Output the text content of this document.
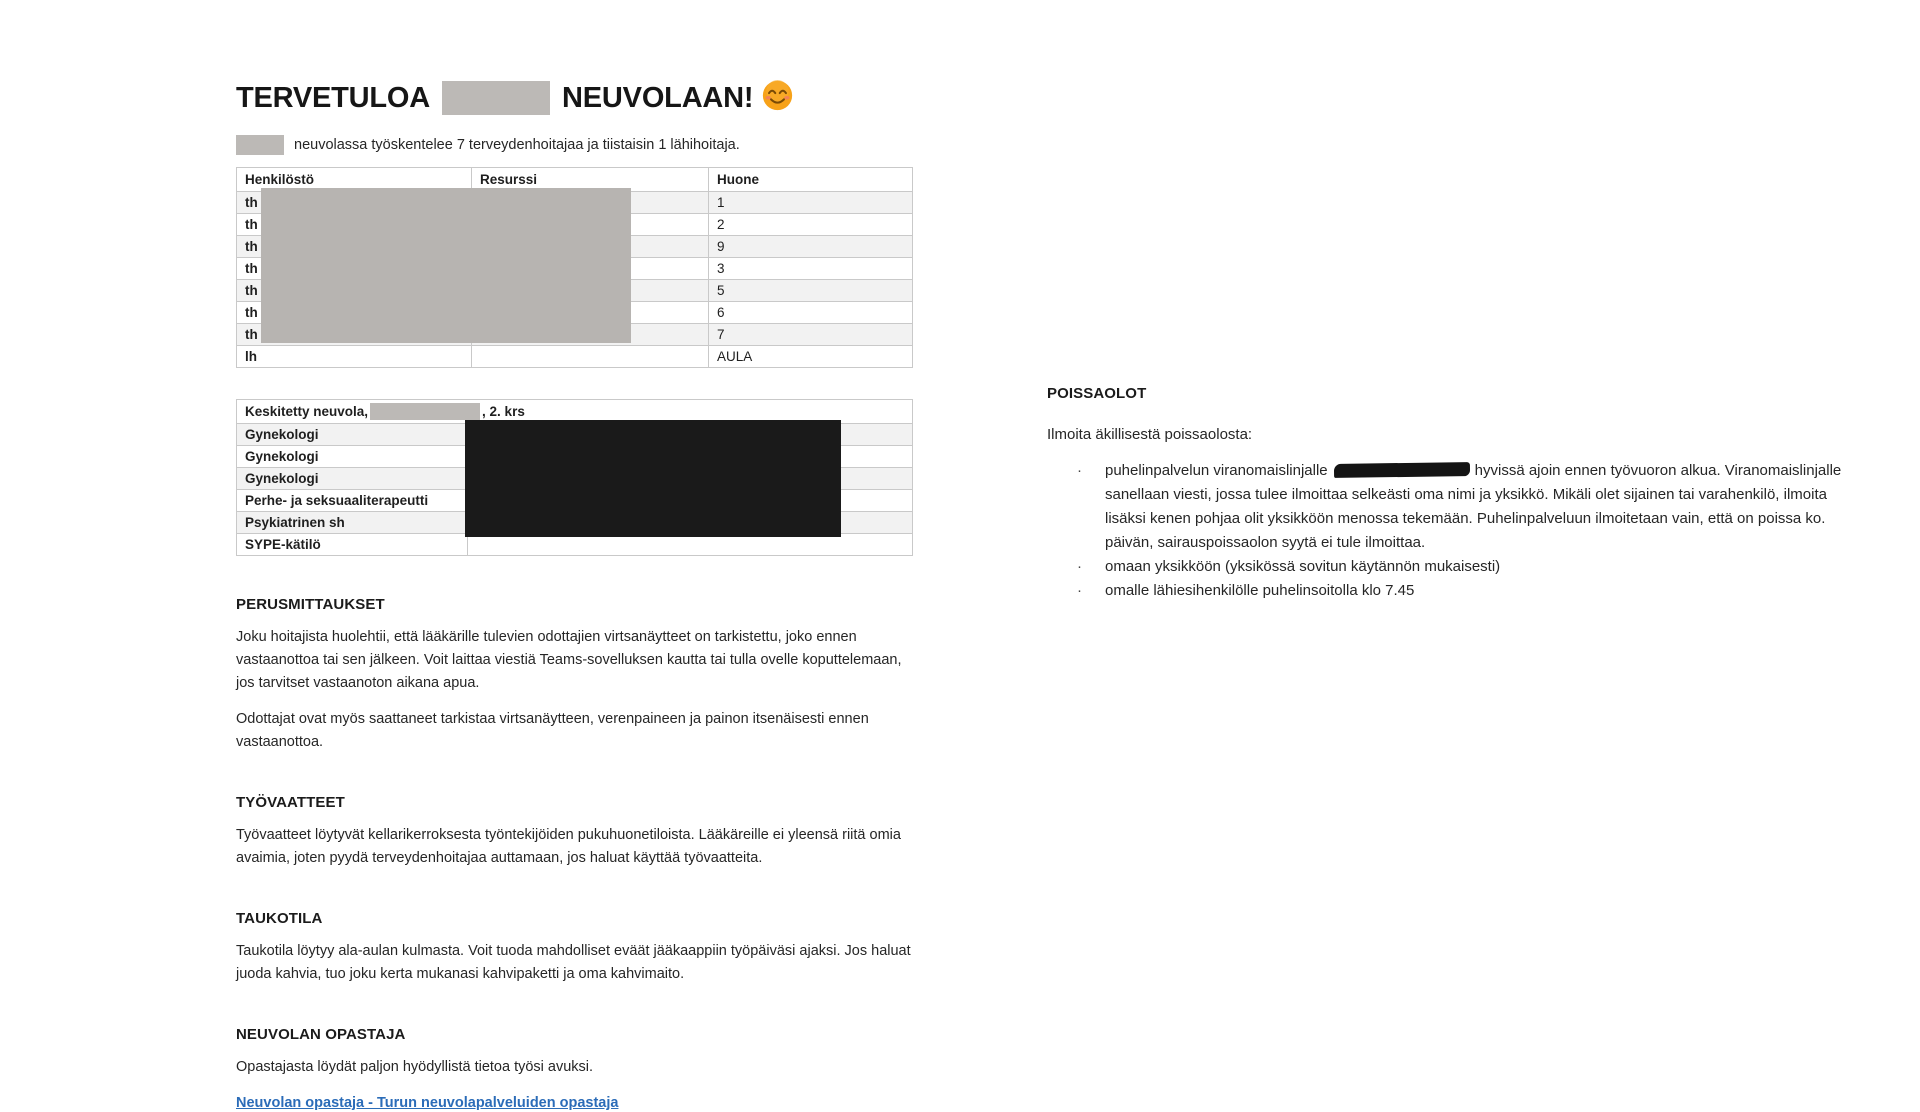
TERVETULOA	NEUVOLAAN!
neuvolassa työskentelee 7 terveydenhoitajaa ja tiistaisin 1 lähihoitaja.
Henkilöstö	Resurssi	Huone
th		1
th		2
th		9
th		3
th		5
th		6
th		7
lh		AULA
Keskitetty neuvola, , 2. krs	
Gynekologi	
Gynekologi	
Gynekologi	
Perhe- ja seksuaaliterapeutti	
Psykiatrinen sh	
SYPE-kätilö	
PERUSMITTAUKSET

Joku hoitajista huolehtii, että lääkärille tulevien odottajien virtsanäytteet on tarkistettu, joko ennen vastaanottoa tai sen jälkeen. Voit laittaa viestiä Teams-sovelluksen kautta tai tulla ovelle koputtelemaan, jos tarvitset vastaanoton aikana apua.

Odottajat ovat myös saattaneet tarkistaa virtsanäytteen, verenpaineen ja painon itsenäisesti ennen vastaanottoa.

TYÖVAATTEET

Työvaatteet löytyvät kellarikerroksesta työntekijöiden pukuhuonetiloista. Lääkäreille ei yleensä riitä omia avaimia, joten pyydä terveydenhoitajaa auttamaan, jos haluat käyttää työvaatteita.

TAUKOTILA

Taukotila löytyy ala-aulan kulmasta. Voit tuoda mahdolliset eväät jääkaappiin työpäiväsi ajaksi. Jos haluat juoda kahvia, tuo joku kerta mukanasi kahvipaketti ja oma kahvimaito.

NEUVOLAN OPASTAJA

Opastajasta löydät paljon hyödyllistä tietoa työsi avuksi.

Neuvolan opastaja - Turun neuvolapalveluiden opastaja
POISSAOLOT

Ilmoita äkillisestä poissaolosta:

· puhelinpalvelun viranomaislinjalle	hyvissä ajoin ennen työvuoron alkua. Viranomaislinjalle sanellaan viesti, jossa tulee ilmoittaa selkeästi oma nimi ja yksikkö. Mikäli olet sijainen tai varahenkilö, ilmoita lisäksi kenen pohjaa olit yksikköön menossa tekemään. Puhelinpalveluun ilmoitetaan vain, että on poissa ko. päivän, sairauspoissaolon syytä ei tule ilmoittaa.
· omaan yksikköön (yksikössä sovitun käytännön mukaisesti)
· omalle lähiesihenkilölle puhelinsoitolla klo 7.45
